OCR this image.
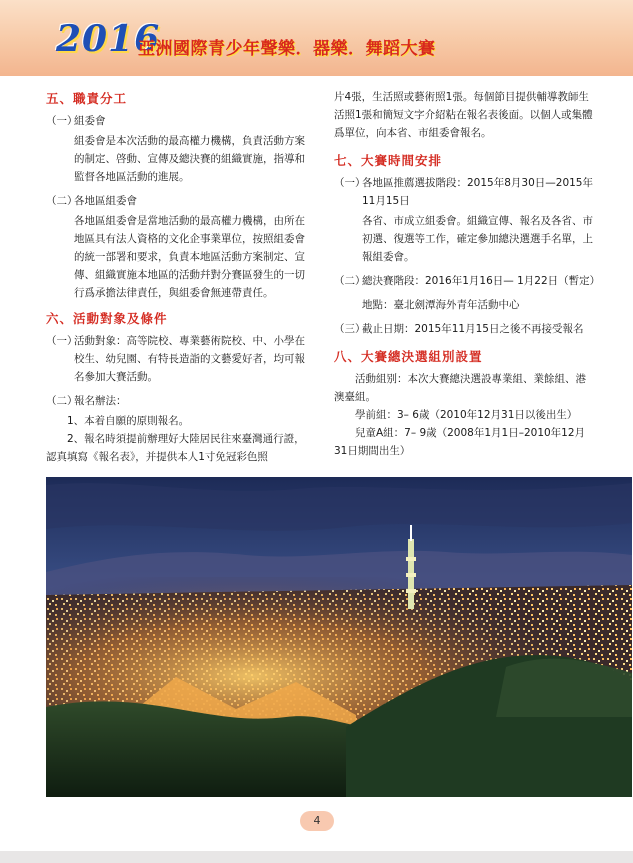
2016
亞洲國際青少年聲樂．器樂．舞蹈大賽
五、職責分工
（一）
組委會
組委會是本次活動的最高權力機構，負責活動方案的制定、啓動、宣傳及總決賽的組織實施，指導和監督各地區活動的進展。
（二）
各地區組委會
各地區組委會是當地活動的最高權力機構，由所在地區具有法人資格的文化企事業單位，按照組委會的統一部署和要求，負責本地區活動方案制定、宣傳、組織實施本地區的活動幷對分賽區發生的一切行爲承擔法律責任，與組委會無連帶責任。
六、活動對象及條件
（一）
活動對象：高等院校、專業藝術院校、中、小學在校生、幼兒園、有特長造詣的文藝愛好者，均可報名參加大賽活動。
（二）
報名辦法：

1、本着自願的原則報名。

2、報名時須提前辦理好大陸居民往來臺灣通行證，認真填寫《報名表》，并提供本人1寸免冠彩色照

片4張，生活照或藝術照1張。每個節目提供輔導教師生活照1張和簡短文字介紹粘在報名表後面。以個人或集體爲單位，向本省、市組委會報名。

七、大賽時間安排
（一）
各地區推薦選拔階段：2015年8月30日—2015年11月15日
各省、市成立組委會。組織宣傳、報名及各省、市初選、復選等工作，確定參加總決選選手名單，上報組委會。
（二）
總決賽階段：2016年1月16日— 1月22日（暫定）
地點：臺北劍潭海外青年活動中心
（三）
截止日期：2015年11月15日之後不再接受報名
八、大賽總決選組別設置

活動組别：本次大賽總決選設專業組、業餘組、港澳臺組。

學前組：3– 6歲（2010年12月31日以後出生）

兒童A組：7– 9歲（2008年1月1日–2010年12月31日期間出生）

4
